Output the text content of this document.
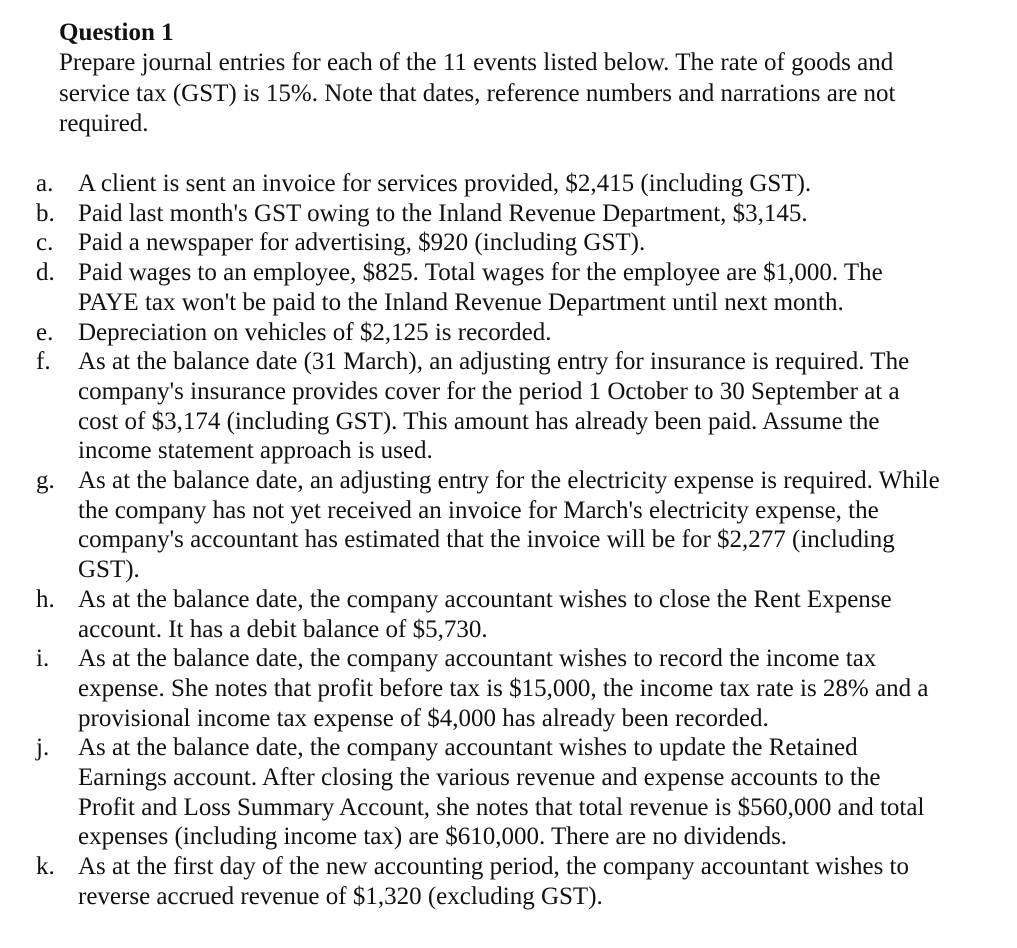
Question 1
Prepare journal entries for each of the 11 events listed below. The rate of goods and
service tax (GST) is 15%. Note that dates, reference numbers and narrations are not
required.
a. A client is sent an invoice for services provided, $2,415 (including GST).
b. Paid last month's GST owing to the Inland Revenue Department, $3,145.
c. Paid a newspaper for advertising, $920 (including GST).
d. Paid wages to an employee, $825. Total wages for the employee are $1,000. The
PAYE tax won't be paid to the Inland Revenue Department until next month.
e. Depreciation on vehicles of $2,125 is recorded.
f.	As at the balance date (31 March), an adjusting entry for insurance is required. The
company's insurance provides cover for the period 1 October to 30 September at a
cost of $3,174 (including GST). This amount has already been paid. Assume the
income statement approach is used.
g. As at the balance date, an adjusting entry for the electricity expense is required. While
the company has not yet received an invoice for March's electricity expense, the
company's accountant has estimated that the invoice will be for $2,277 (including
GST).
h. As at the balance date, the company accountant wishes to close the Rent Expense
account. It has a debit balance of $5,730.
i.	As at the balance date, the company accountant wishes to record the income tax
expense. She notes that profit before tax is $15,000, the income tax rate is 28% and a
provisional income tax expense of $4,000 has already been recorded.
j.	As at the balance date, the company accountant wishes to update the Retained
Earnings account. After closing the various revenue and expense accounts to the
Profit and Loss Summary Account, she notes that total revenue is $560,000 and total
expenses (including income tax) are $610,000. There are no dividends.
k. As at the first day of the new accounting period, the company accountant wishes to
reverse accrued revenue of $1,320 (excluding GST).
